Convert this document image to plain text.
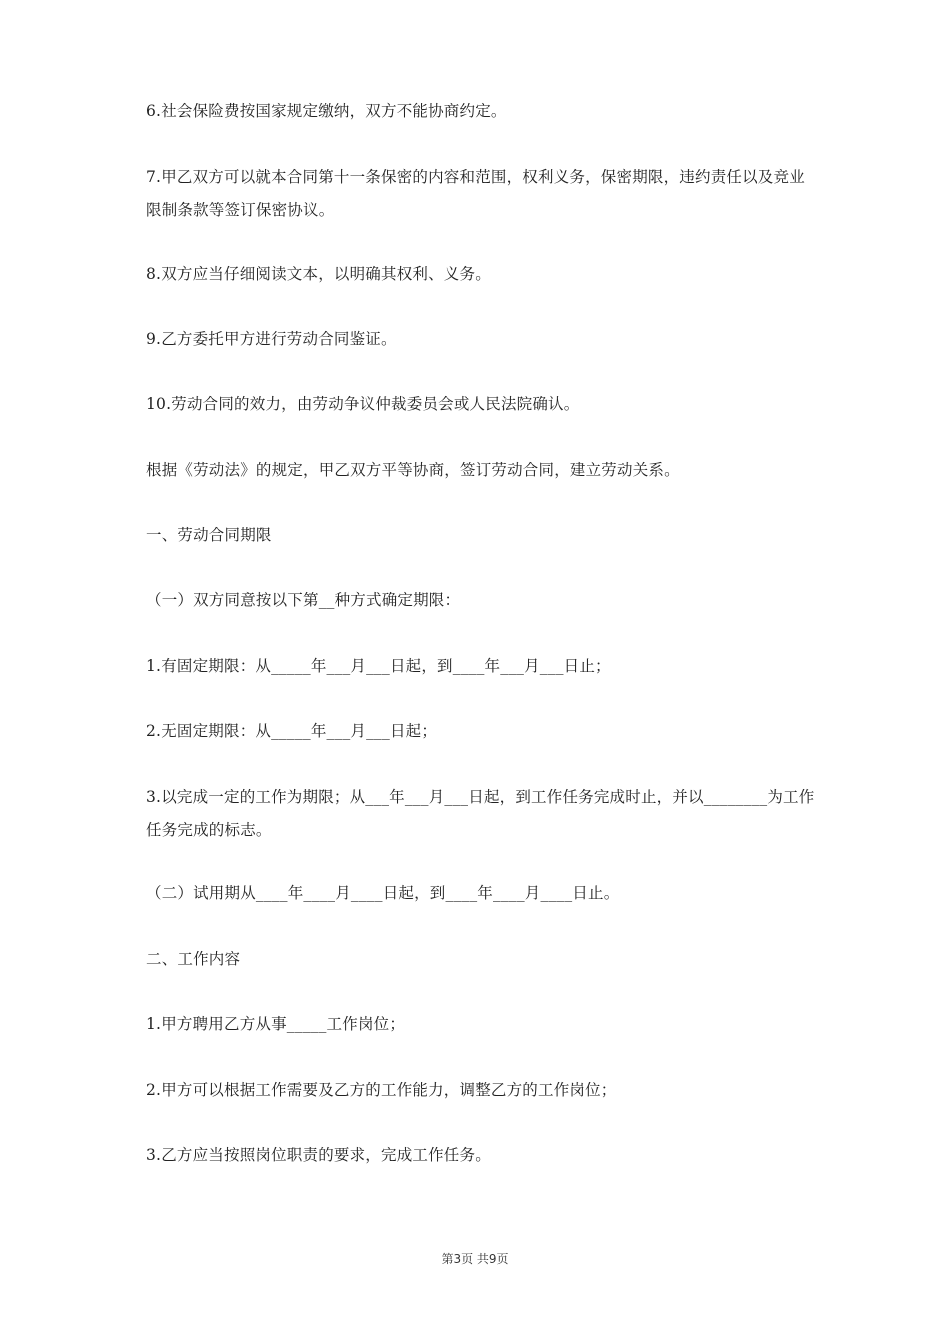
6.社会保险费按国家规定缴纳，双方不能协商约定。
7.甲乙双方可以就本合同第十一条保密的内容和范围，权利义务，保密期限，违约责任以及竞业限制条款等签订保密协议。
8.双方应当仔细阅读文本，以明确其权利、义务。
9.乙方委托甲方进行劳动合同鉴证。
10.劳动合同的效力，由劳动争议仲裁委员会或人民法院确认。
根据《劳动法》的规定，甲乙双方平等协商，签订劳动合同，建立劳动关系。
一、劳动合同期限
（一）双方同意按以下第__种方式确定期限：
1.有固定期限：从_____年___月___日起，到____年___月___日止；
2.无固定期限：从_____年___月___日起；
3.以完成一定的工作为期限；从___年___月___日起，到工作任务完成时止，并以________为工作任务完成的标志。
（二）试用期从____年____月____日起，到____年____月____日止。
二、工作内容
1.甲方聘用乙方从事_____工作岗位；
2.甲方可以根据工作需要及乙方的工作能力，调整乙方的工作岗位；
3.乙方应当按照岗位职责的要求，完成工作任务。
第3页 共9页
